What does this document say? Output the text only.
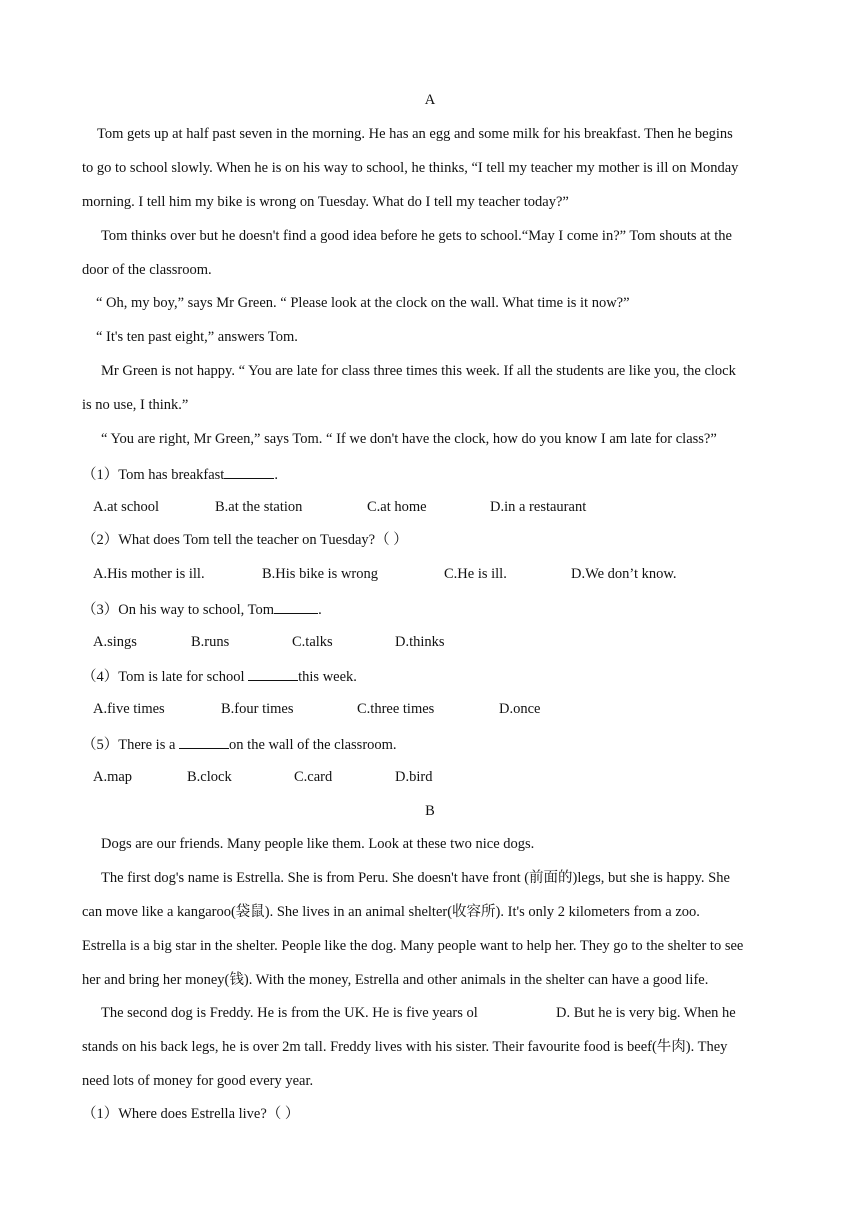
A
Tom gets up at half past seven in the morning. He has an egg and some milk for his breakfast. Then he begins
to go to school slowly. When he is on his way to school, he thinks, “I tell my teacher my mother is ill on Monday
morning. I tell him my bike is wrong on Tuesday. What do I tell my teacher today?”
Tom thinks over but he doesn't find a good idea before he gets to school.“May I come in?” Tom shouts at the
door of the classroom.
“ Oh, my boy,” says Mr Green. “ Please look at the clock on the wall. What time is it now?”
“ It's ten past eight,” answers Tom.
Mr Green is not happy. “ You are late for class three times this week. If all the students are like you, the clock
is no use, I think.”
“ You are right, Mr Green,” says Tom. “ If we don't have the clock, how do you know I am late for class?”
（1）Tom has breakfast	.
A.at school	B.at the station	C.at home	D.in a restaurant
（2）What does Tom tell the teacher on Tuesday?（ ）
A.His mother is ill.	B.His bike is wrong	C.He is ill.	D.We don’t know.
（3）On his way to school, Tom	.
A.sings	B.runs	C.talks	D.thinks
（4）Tom is late for school	this week.
A.five times	B.four times	C.three times	D.once
（5）There is a	on the wall of the classroom.
A.map	B.clock	C.card	D.bird
B
Dogs are our friends. Many people like them. Look at these two nice dogs.
The first dog's name is Estrella. She is from Peru. She doesn't have front (前面的)legs, but she is happy. She
can move like a kangaroo(袋鼠). She lives in an animal shelter(收容所). It's only 2 kilometers from a zoo.
Estrella is a big star in the shelter. People like the dog. Many people want to help her. They go to the shelter to see
her and bring her money(钱). With the money, Estrella and other animals in the shelter can have a good life.
The second dog is Freddy. He is from the UK. He is five years ol	D. But he is very big. When he
stands on his back legs, he is over 2m tall. Freddy lives with his sister. Their favourite food is beef(牛肉). They
need lots of money for good every year.
（1）Where does Estrella live?（ ）
